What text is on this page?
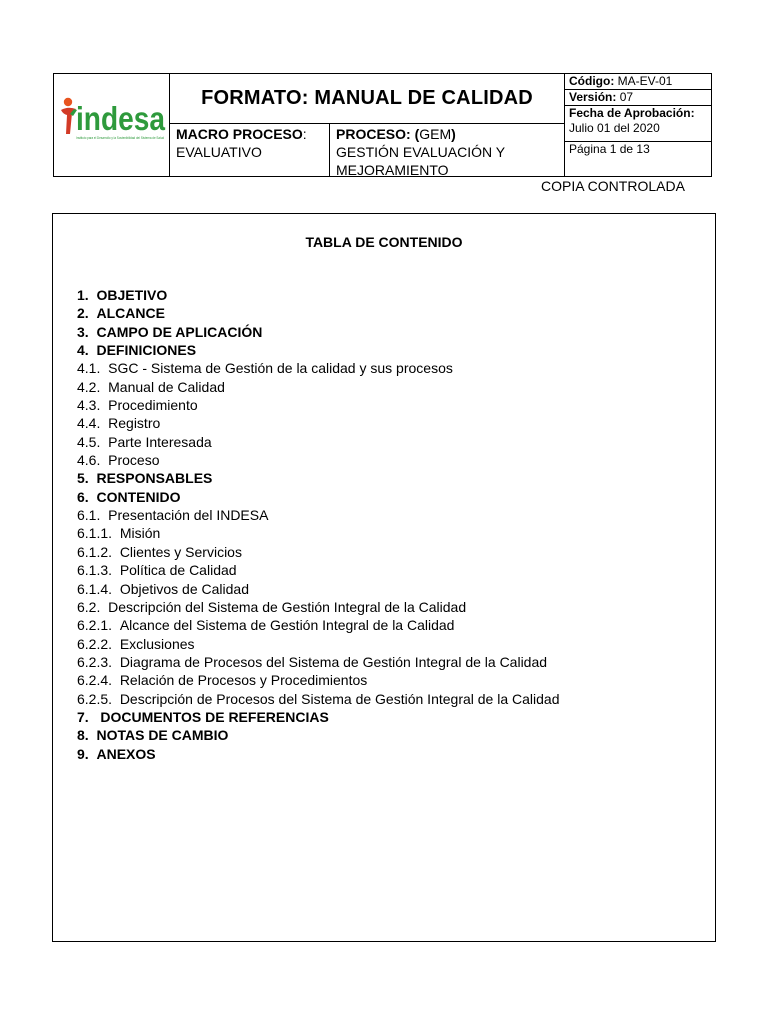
indesa
Instituto para el Desarrollo y la Sostenibilidad del Sistema de Salud
FORMATO: MANUAL DE CALIDAD
MACRO PROCESO:
EVALUATIVO
PROCESO: (GEM)
GESTIÓN EVALUACIÓN Y
MEJORAMIENTO
Código: MA-EV-01
Versión: 07
Fecha de Aprobación:
Julio 01 del 2020
Página 1 de 13
COPIA CONTROLADA
TABLA DE CONTENIDO
1.  OBJETIVO
2.  ALCANCE
3.  CAMPO DE APLICACIÓN
4.  DEFINICIONES
4.1.  SGC - Sistema de Gestión de la calidad y sus procesos
4.2.  Manual de Calidad
4.3.  Procedimiento
4.4.  Registro
4.5.  Parte Interesada
4.6.  Proceso
5.  RESPONSABLES
6.  CONTENIDO
6.1.  Presentación del INDESA
6.1.1.  Misión
6.1.2.  Clientes y Servicios
6.1.3.  Política de Calidad
6.1.4.  Objetivos de Calidad
6.2.  Descripción del Sistema de Gestión Integral de la Calidad
6.2.1.  Alcance del Sistema de Gestión Integral de la Calidad
6.2.2.  Exclusiones
6.2.3.  Diagrama de Procesos del Sistema de Gestión Integral de la Calidad
6.2.4.  Relación de Procesos y Procedimientos
6.2.5.  Descripción de Procesos del Sistema de Gestión Integral de la Calidad
7.   DOCUMENTOS DE REFERENCIAS
8.  NOTAS DE CAMBIO
9.  ANEXOS
